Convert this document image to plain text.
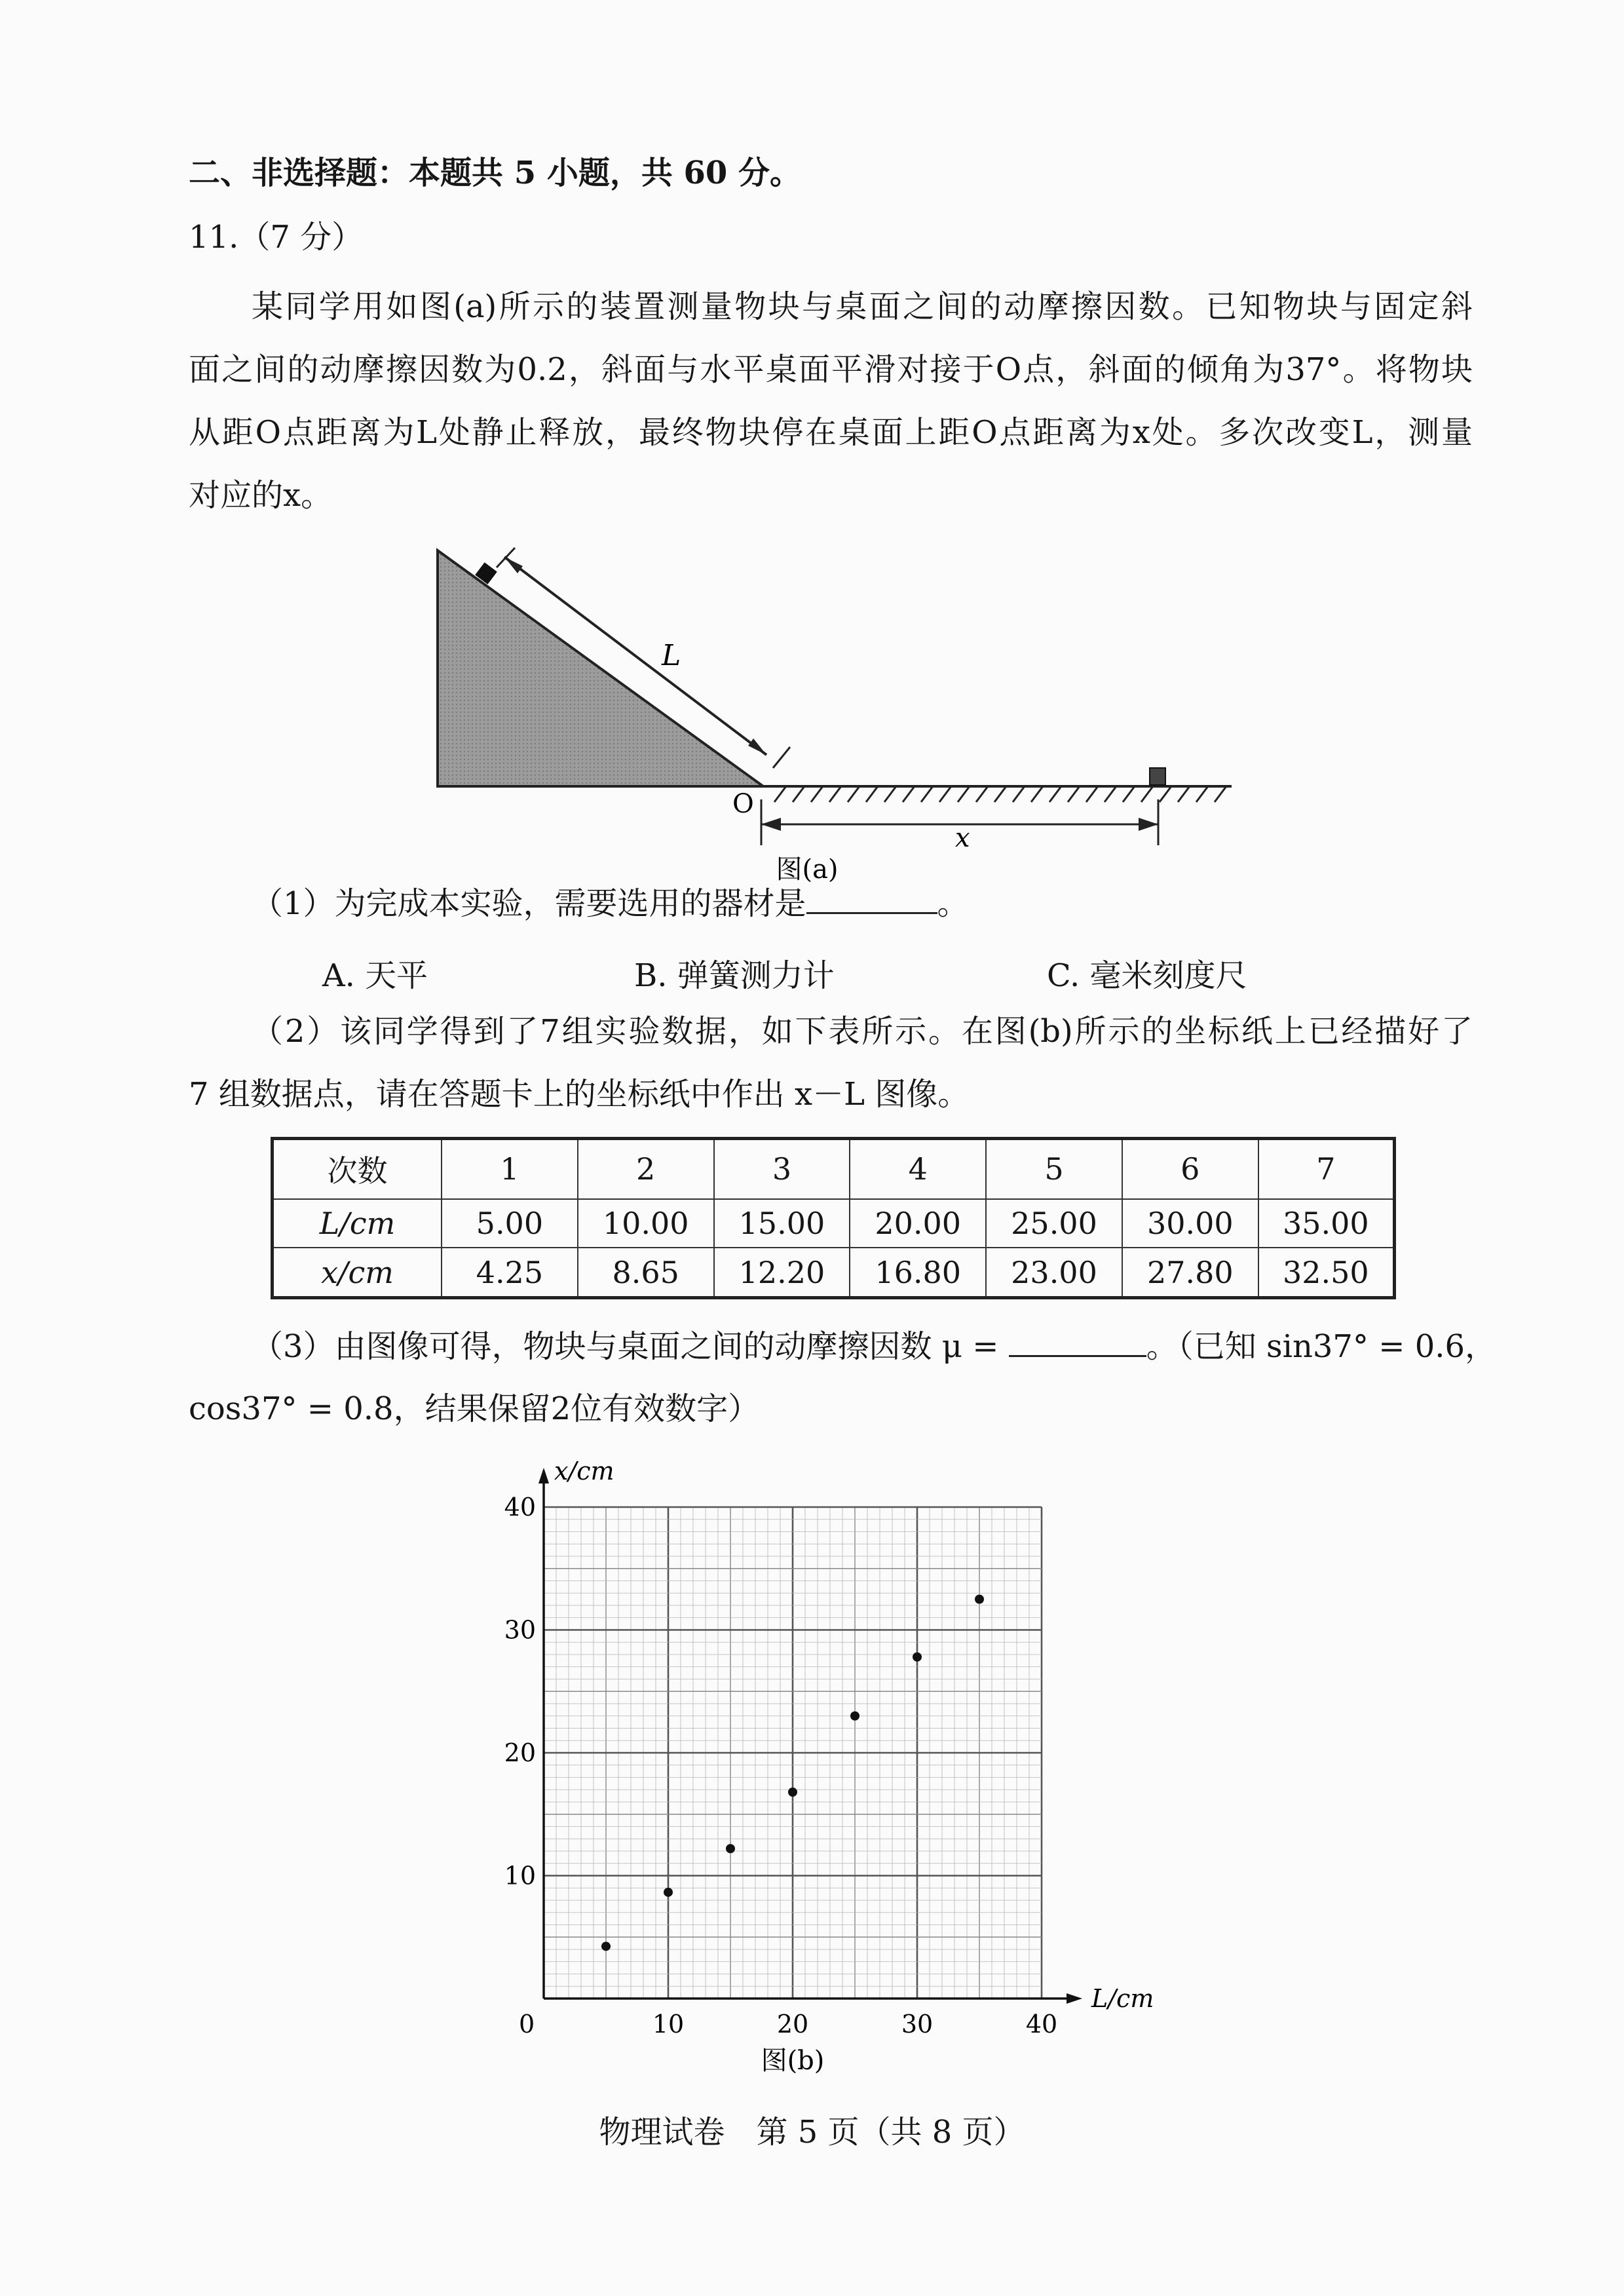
二、非选择题：本题共 5 小题，共 60 分。
11.（7 分）

某同学用如图(a)所示的装置测量物块与桌面之间的动摩擦因数。已知物块与固定斜

面之间的动摩擦因数为0.2，斜面与水平桌面平滑对接于O点，斜面的倾角为37°。将物块

从距O点距离为L处静止释放，最终物块停在桌面上距O点距离为x处。多次改变L，测量

对应的x。

L
O
x
图(a)
（1）为完成本实验，需要选用的器材是	。
A. 天平	B. 弹簧测力计	C. 毫米刻度尺

（2）该同学得到了7组实验数据，如下表所示。在图(b)所示的坐标纸上已经描好了

7 组数据点，请在答题卡上的坐标纸中作出 x－L 图像。

次数	1	2	3	4	5	6	7
L/cm	5.00	10.00	15.00	20.00	25.00	30.00	35.00
x/cm	4.25	8.65	12.20	16.80	23.00	27.80	32.50
（3）由图像可得，物块与桌面之间的动摩擦因数 μ =	。（已知 sin37° = 0.6，
cos37° = 0.8，结果保留2位有效数字）
10	20	30	40
10
20
30
40
x/cm
L/cm
0
图(b)
物理试卷　第 5 页（共 8 页）
